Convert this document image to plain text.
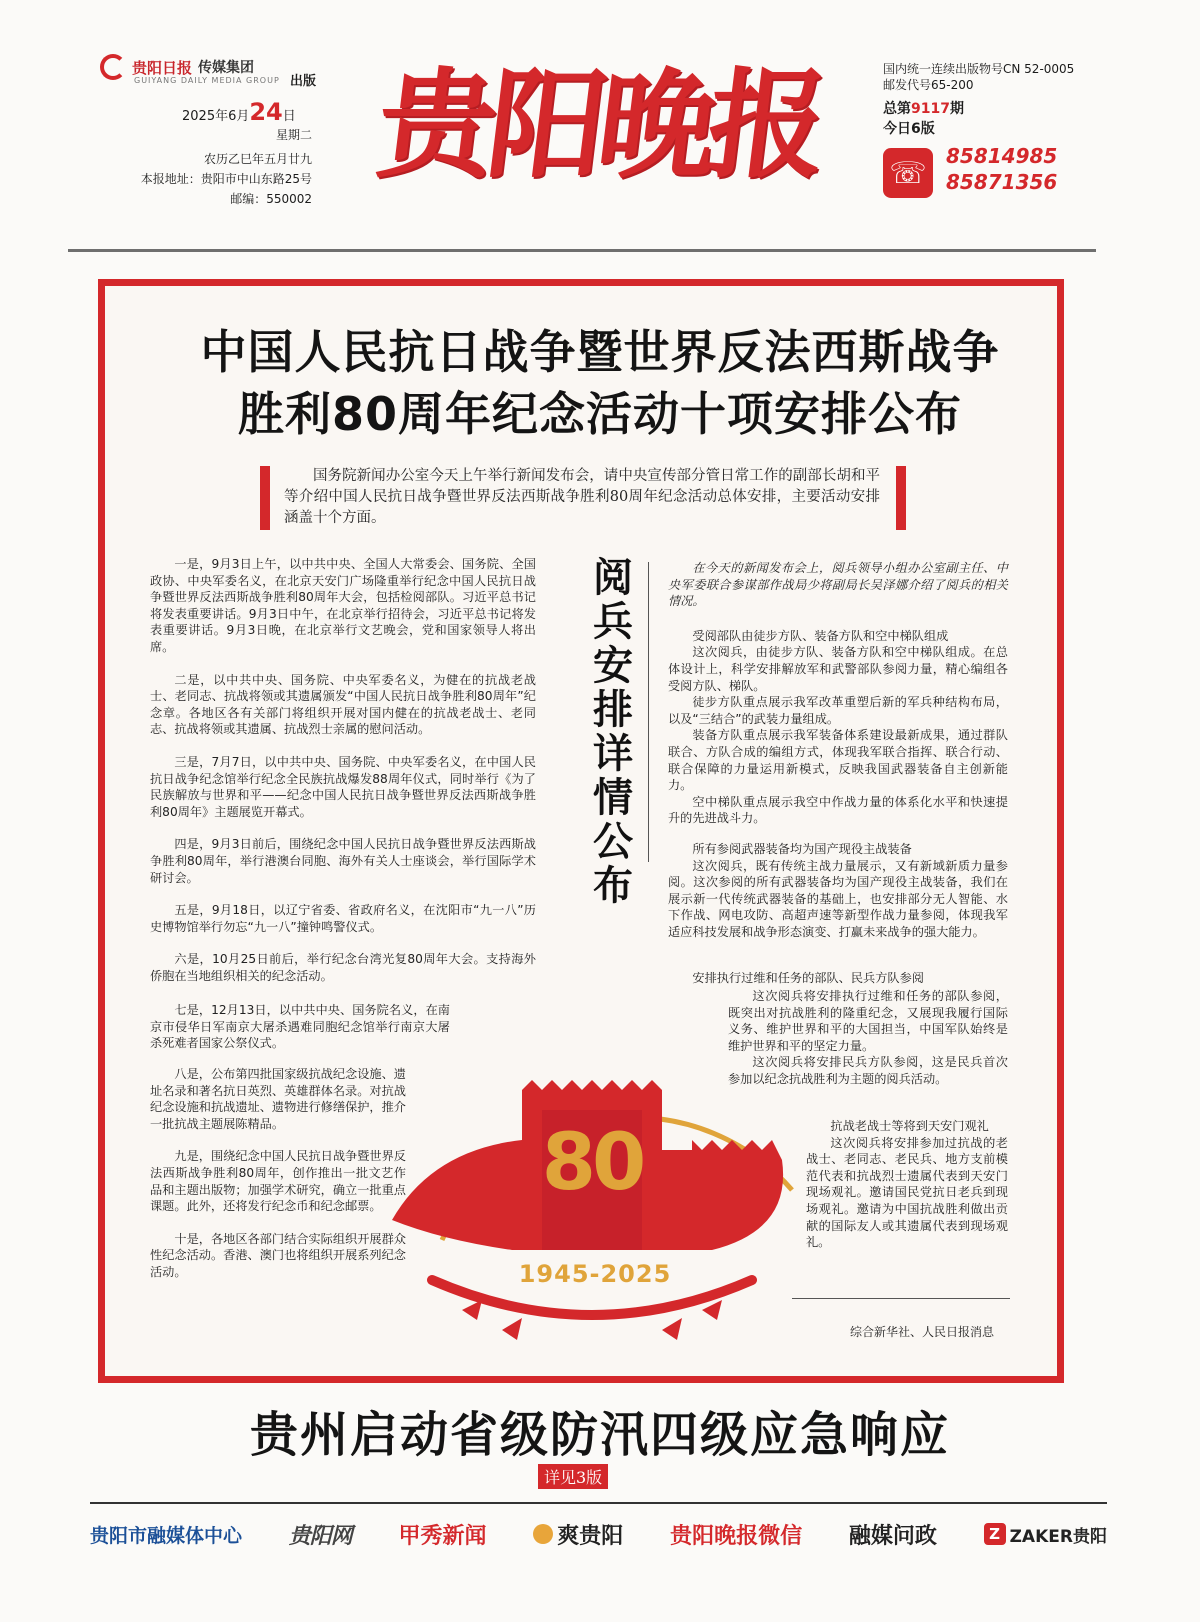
贵阳日报 传媒集团
GUIYANG DAILY MEDIA GROUP 出版
2025年6月24日
星期二
农历乙巳年五月廿九
本报地址：贵阳市中山东路25号
邮编：550002
贵阳晚报	国内统一连续出版物号CN 52-0005
邮发代号65-200
总第9117期
今日6版
☏ 85814985
85871356
中国人民抗日战争暨世界反法西斯战争
胜利80周年纪念活动十项安排公布
国务院新闻办公室今天上午举行新闻发布会，请中央宣传部分管日常工作的副部长胡和平等介绍中国人民抗日战争暨世界反法西斯战争胜利80周年纪念活动总体安排，主要活动安排涵盖十个方面。

一是，9月3日上午，以中共中央、全国人大常委会、国务院、全国政协、中央军委名义，在北京天安门广场隆重举行纪念中国人民抗日战争暨世界反法西斯战争胜利80周年大会，包括检阅部队。习近平总书记将发表重要讲话。9月3日中午，在北京举行招待会，习近平总书记将发表重要讲话。9月3日晚，在北京举行文艺晚会，党和国家领导人将出席。

二是，以中共中央、国务院、中央军委名义，为健在的抗战老战士、老同志、抗战将领或其遗属颁发“中国人民抗日战争胜利80周年”纪念章。各地区各有关部门将组织开展对国内健在的抗战老战士、老同志、抗战将领或其遗属、抗战烈士亲属的慰问活动。

三是，7月7日，以中共中央、国务院、中央军委名义，在中国人民抗日战争纪念馆举行纪念全民族抗战爆发88周年仪式，同时举行《为了民族解放与世界和平——纪念中国人民抗日战争暨世界反法西斯战争胜利80周年》主题展览开幕式。

四是，9月3日前后，围绕纪念中国人民抗日战争暨世界反法西斯战争胜利80周年，举行港澳台同胞、海外有关人士座谈会，举行国际学术研讨会。

五是，9月18日，以辽宁省委、省政府名义，在沈阳市“九一八”历史博物馆举行勿忘“九一八”撞钟鸣警仪式。

六是，10月25日前后，举行纪念台湾光复80周年大会。支持海外侨胞在当地组织相关的纪念活动。

七是，12月13日，以中共中央、国务院名义，在南京市侵华日军南京大屠杀遇难同胞纪念馆举行南京大屠杀死难者国家公祭仪式。

八是，公布第四批国家级抗战纪念设施、遗址名录和著名抗日英烈、英雄群体名录。对抗战纪念设施和抗战遗址、遗物进行修缮保护，推介一批抗战主题展陈精品。

九是，围绕纪念中国人民抗日战争暨世界反法西斯战争胜利80周年，创作推出一批文艺作品和主题出版物；加强学术研究，确立一批重点课题。此外，还将发行纪念币和纪念邮票。

十是，各地区各部门结合实际组织开展群众性纪念活动。香港、澳门也将组织开展系列纪念活动。

阅兵安排详情公布
在今天的新闻发布会上，阅兵领导小组办公室副主任、中央军委联合参谋部作战局少将副局长吴泽娜介绍了阅兵的相关情况。
受阅部队由徒步方队、装备方队和空中梯队组成
这次阅兵，由徒步方队、装备方队和空中梯队组成。在总体设计上，科学安排解放军和武警部队参阅力量，精心编组各受阅方队、梯队。
徒步方队重点展示我军改革重塑后新的军兵种结构布局，以及“三结合”的武装力量组成。
装备方队重点展示我军装备体系建设最新成果，通过群队联合、方队合成的编组方式，体现我军联合指挥、联合行动、联合保障的力量运用新模式，反映我国武器装备自主创新能力。
空中梯队重点展示我空中作战力量的体系化水平和快速提升的先进战斗力。
所有参阅武器装备均为国产现役主战装备
这次阅兵，既有传统主战力量展示，又有新域新质力量参阅。这次参阅的所有武器装备均为国产现役主战装备，我们在展示新一代传统武器装备的基础上，也安排部分无人智能、水下作战、网电攻防、高超声速等新型作战力量参阅，体现我军适应科技发展和战争形态演变、打赢未来战争的强大能力。
安排执行过维和任务的部队、民兵方队参阅
这次阅兵将安排执行过维和任务的部队参阅，既突出对抗战胜利的隆重纪念，又展现我履行国际义务、维护世界和平的大国担当，中国军队始终是维护世界和平的坚定力量。
这次阅兵将安排民兵方队参阅，这是民兵首次参加以纪念抗战胜利为主题的阅兵活动。
抗战老战士等将到天安门观礼
这次阅兵将安排参加过抗战的老战士、老同志、老民兵、地方支前模范代表和抗战烈士遗属代表到天安门现场观礼。邀请国民党抗日老兵到现场观礼。邀请为中国抗战胜利做出贡献的国际友人或其遗属代表到现场观礼。
80
1945-2025
综合新华社、人民日报消息
贵州启动省级防汛四级应急响应
详见3版
贵阳市融媒体中心 贵阳网 甲秀新闻	爽贵阳 贵阳晚报微信 融媒问政	Z ZAKER贵阳
